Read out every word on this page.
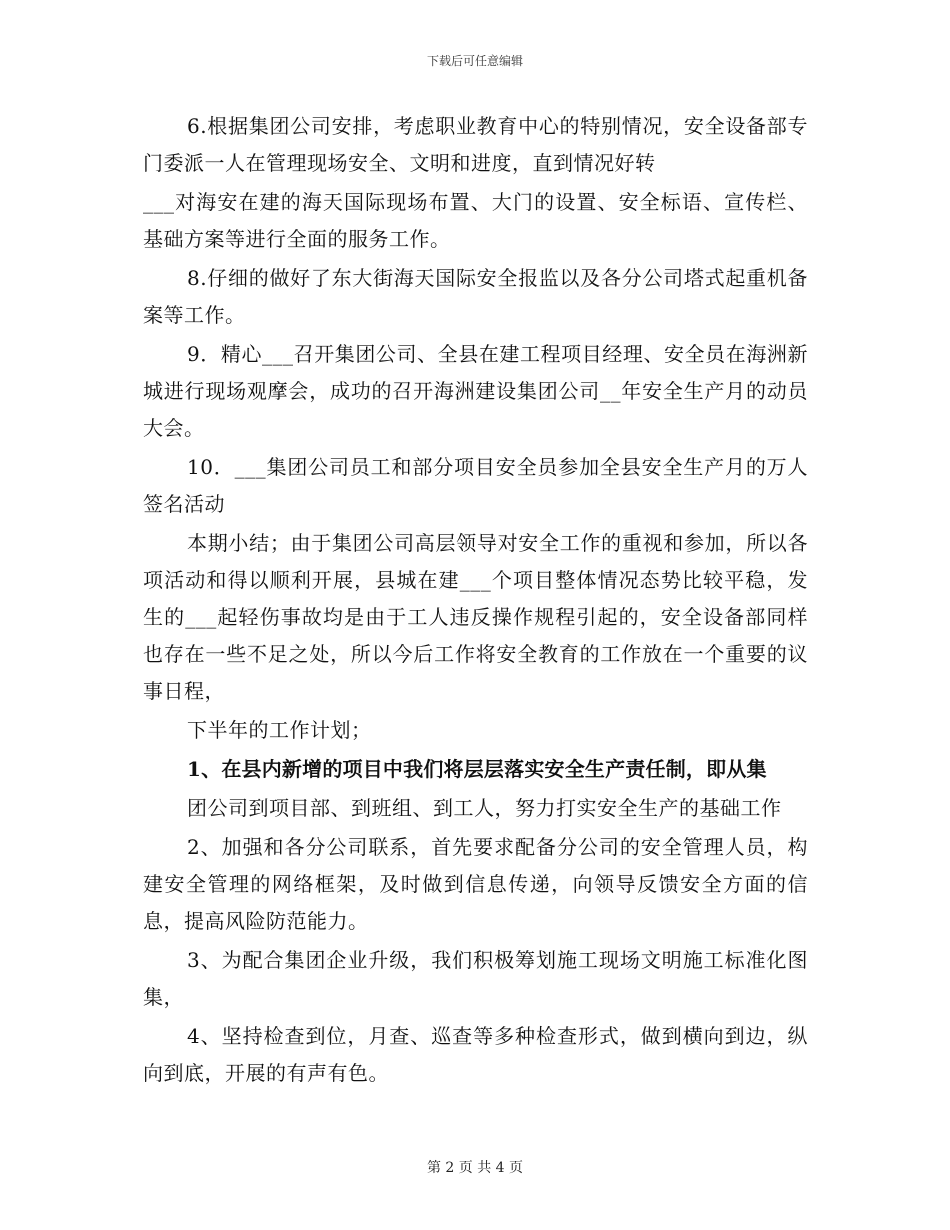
下载后可任意编辑

6.根据集团公司安排，考虑职业教育中心的特别情况，安全设备部专门委派一人在管理现场安全、文明和进度，直到情况好转

___对海安在建的海天国际现场布置、大门的设置、安全标语、宣传栏、基础方案等进行全面的服务工作。

8.仔细的做好了东大街海天国际安全报监以及各分公司塔式起重机备案等工作。

9．精心___召开集团公司、全县在建工程项目经理、安全员在海洲新城进行现场观摩会，成功的召开海洲建设集团公司__年安全生产月的动员大会。

10．___集团公司员工和部分项目安全员参加全县安全生产月的万人签名活动

本期小结；由于集团公司高层领导对安全工作的重视和参加，所以各项活动和得以顺利开展，县城在建___个项目整体情况态势比较平稳，发生的___起轻伤事故均是由于工人违反操作规程引起的，安全设备部同样也存在一些不足之处，所以今后工作将安全教育的工作放在一个重要的议事日程，

下半年的工作计划；

1、在县内新增的项目中我们将层层落实安全生产责任制，即从集

团公司到项目部、到班组、到工人，努力打实安全生产的基础工作

2、加强和各分公司联系，首先要求配备分公司的安全管理人员，构建安全管理的网络框架，及时做到信息传递，向领导反馈安全方面的信息，提高风险防范能力。

3、为配合集团企业升级，我们积极筹划施工现场文明施工标准化图集，

4、坚持检查到位，月查、巡查等多种检查形式，做到横向到边，纵向到底，开展的有声有色。

第 2 页 共 4 页
